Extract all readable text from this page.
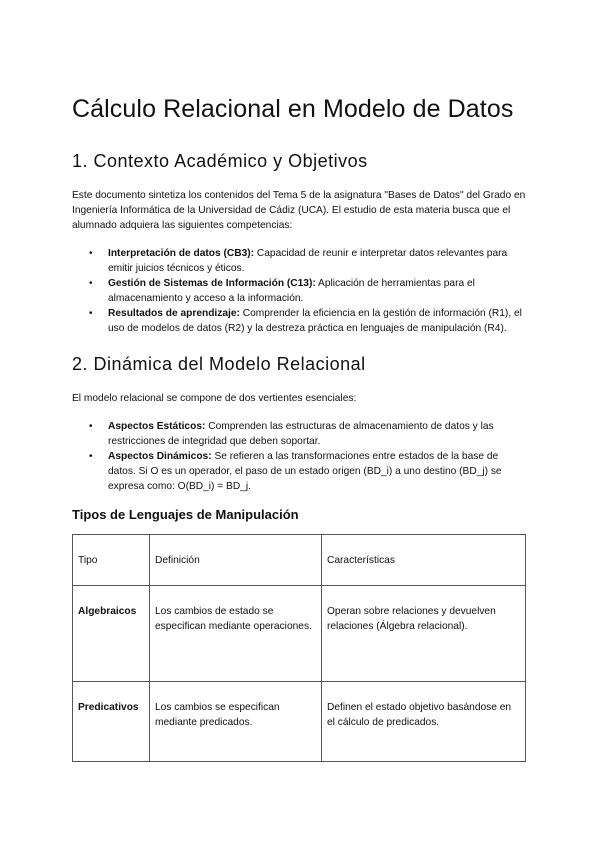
Cálculo Relacional en Modelo de Datos
1. Contexto Académico y Objetivos

Este documento sintetiza los contenidos del Tema 5 de la asignatura "Bases de Datos" del Grado en Ingeniería Informática de la Universidad de Cádiz (UCA). El estudio de esta materia busca que el alumnado adquiera las siguientes competencias:

• Interpretación de datos (CB3): Capacidad de reunir e interpretar datos relevantes para emitir juicios técnicos y éticos.
• Gestión de Sistemas de Información (C13): Aplicación de herramientas para el almacenamiento y acceso a la información.
• Resultados de aprendizaje: Comprender la eficiencia en la gestión de información (R1), el uso de modelos de datos (R2) y la destreza práctica en lenguajes de manipulación (R4).
2. Dinámica del Modelo Relacional

El modelo relacional se compone de dos vertientes esenciales:

• Aspectos Estáticos: Comprenden las estructuras de almacenamiento de datos y las restricciones de integridad que deben soportar.
• Aspectos Dinámicos: Se refieren a las transformaciones entre estados de la base de datos. Si O es un operador, el paso de un estado origen (BD_i) a uno destino (BD_j) se expresa como: O(BD_i) = BD_j.
Tipos de Lenguajes de Manipulación
Tipo	Definición	Características
Algebraicos	Los cambios de estado se especifican mediante operaciones.	Operan sobre relaciones y devuelven relaciones (Álgebra relacional).
Predicativos	Los cambios se especifican mediante predicados.	Definen el estado objetivo basándose en el cálculo de predicados.
